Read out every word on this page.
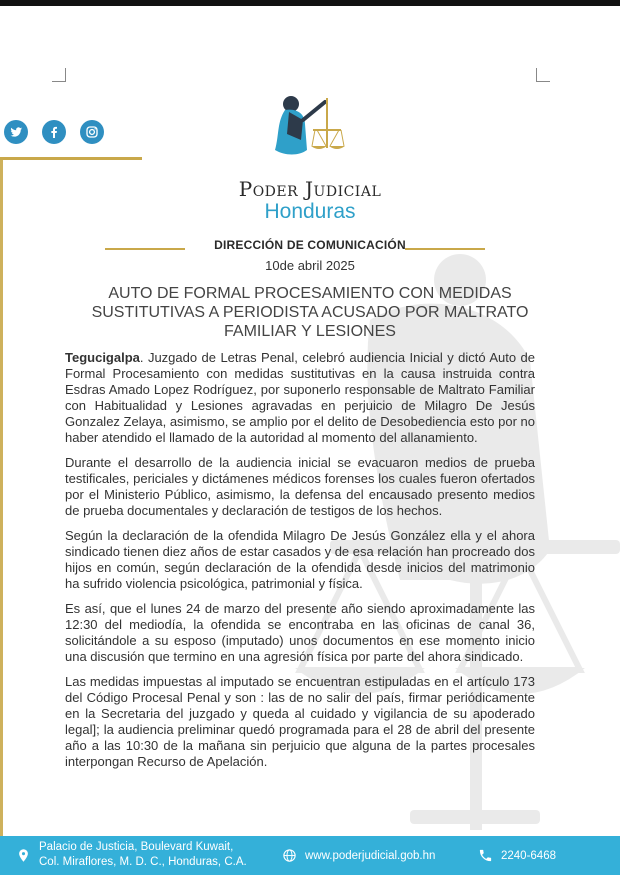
Poder Judicial
Honduras
DIRECCIÓN DE COMUNICACIÓN
10de abril 2025
AUTO DE FORMAL PROCESAMIENTO CON MEDIDAS SUSTITUTIVAS A PERIODISTA ACUSADO POR MALTRATO FAMILIAR Y LESIONES

Tegucigalpa. Juzgado de Letras Penal, celebró audiencia Inicial y dictó Auto de Formal Procesamiento con medidas sustitutivas en la causa instruida contra Esdras Amado Lopez Rodríguez, por suponerlo responsable de Maltrato Familiar con Habitualidad y Lesiones agravadas en perjuicio de Milagro De Jesús Gonzalez Zelaya, asimismo, se amplio por el delito de Desobediencia esto por no haber atendido el llamado de la autoridad al momento del allanamiento.

Durante el desarrollo de la audiencia inicial se evacuaron medios de prueba testificales, periciales y dictámenes médicos forenses los cuales fueron ofertados por el Ministerio Público, asimismo, la defensa del encausado presento medios de prueba documentales y declaración de testigos de los hechos.

Según la declaración de la ofendida Milagro De Jesús González ella y el ahora sindicado tienen diez años de estar casados y de esa relación han procreado dos hijos en común, según declaración de la ofendida desde inicios del matrimonio ha sufrido violencia psicológica, patrimonial y física.

Es así, que el lunes 24 de marzo del presente año siendo aproximadamente las 12:30 del mediodía, la ofendida se encontraba en las oficinas de canal 36, solicitándole a su esposo (imputado) unos documentos en ese momento inicio una discusión que termino en una agresión física por parte del ahora sindicado.

Las medidas impuestas al imputado se encuentran estipuladas en el artículo 173 del Código Procesal Penal y son : las de no salir del país, firmar periódicamente en la Secretaria del juzgado y queda al cuidado y vigilancia de su apoderado legal]; la audiencia preliminar quedó programada para el 28 de abril del presente año a las 10:30 de la mañana sin perjuicio que alguna de la partes procesales interpongan Recurso de Apelación.

Palacio de Justicia, Boulevard Kuwait,
Col. Miraflores, M. D. C., Honduras, C.A.
www.poderjudicial.gob.hn	2240-6468
